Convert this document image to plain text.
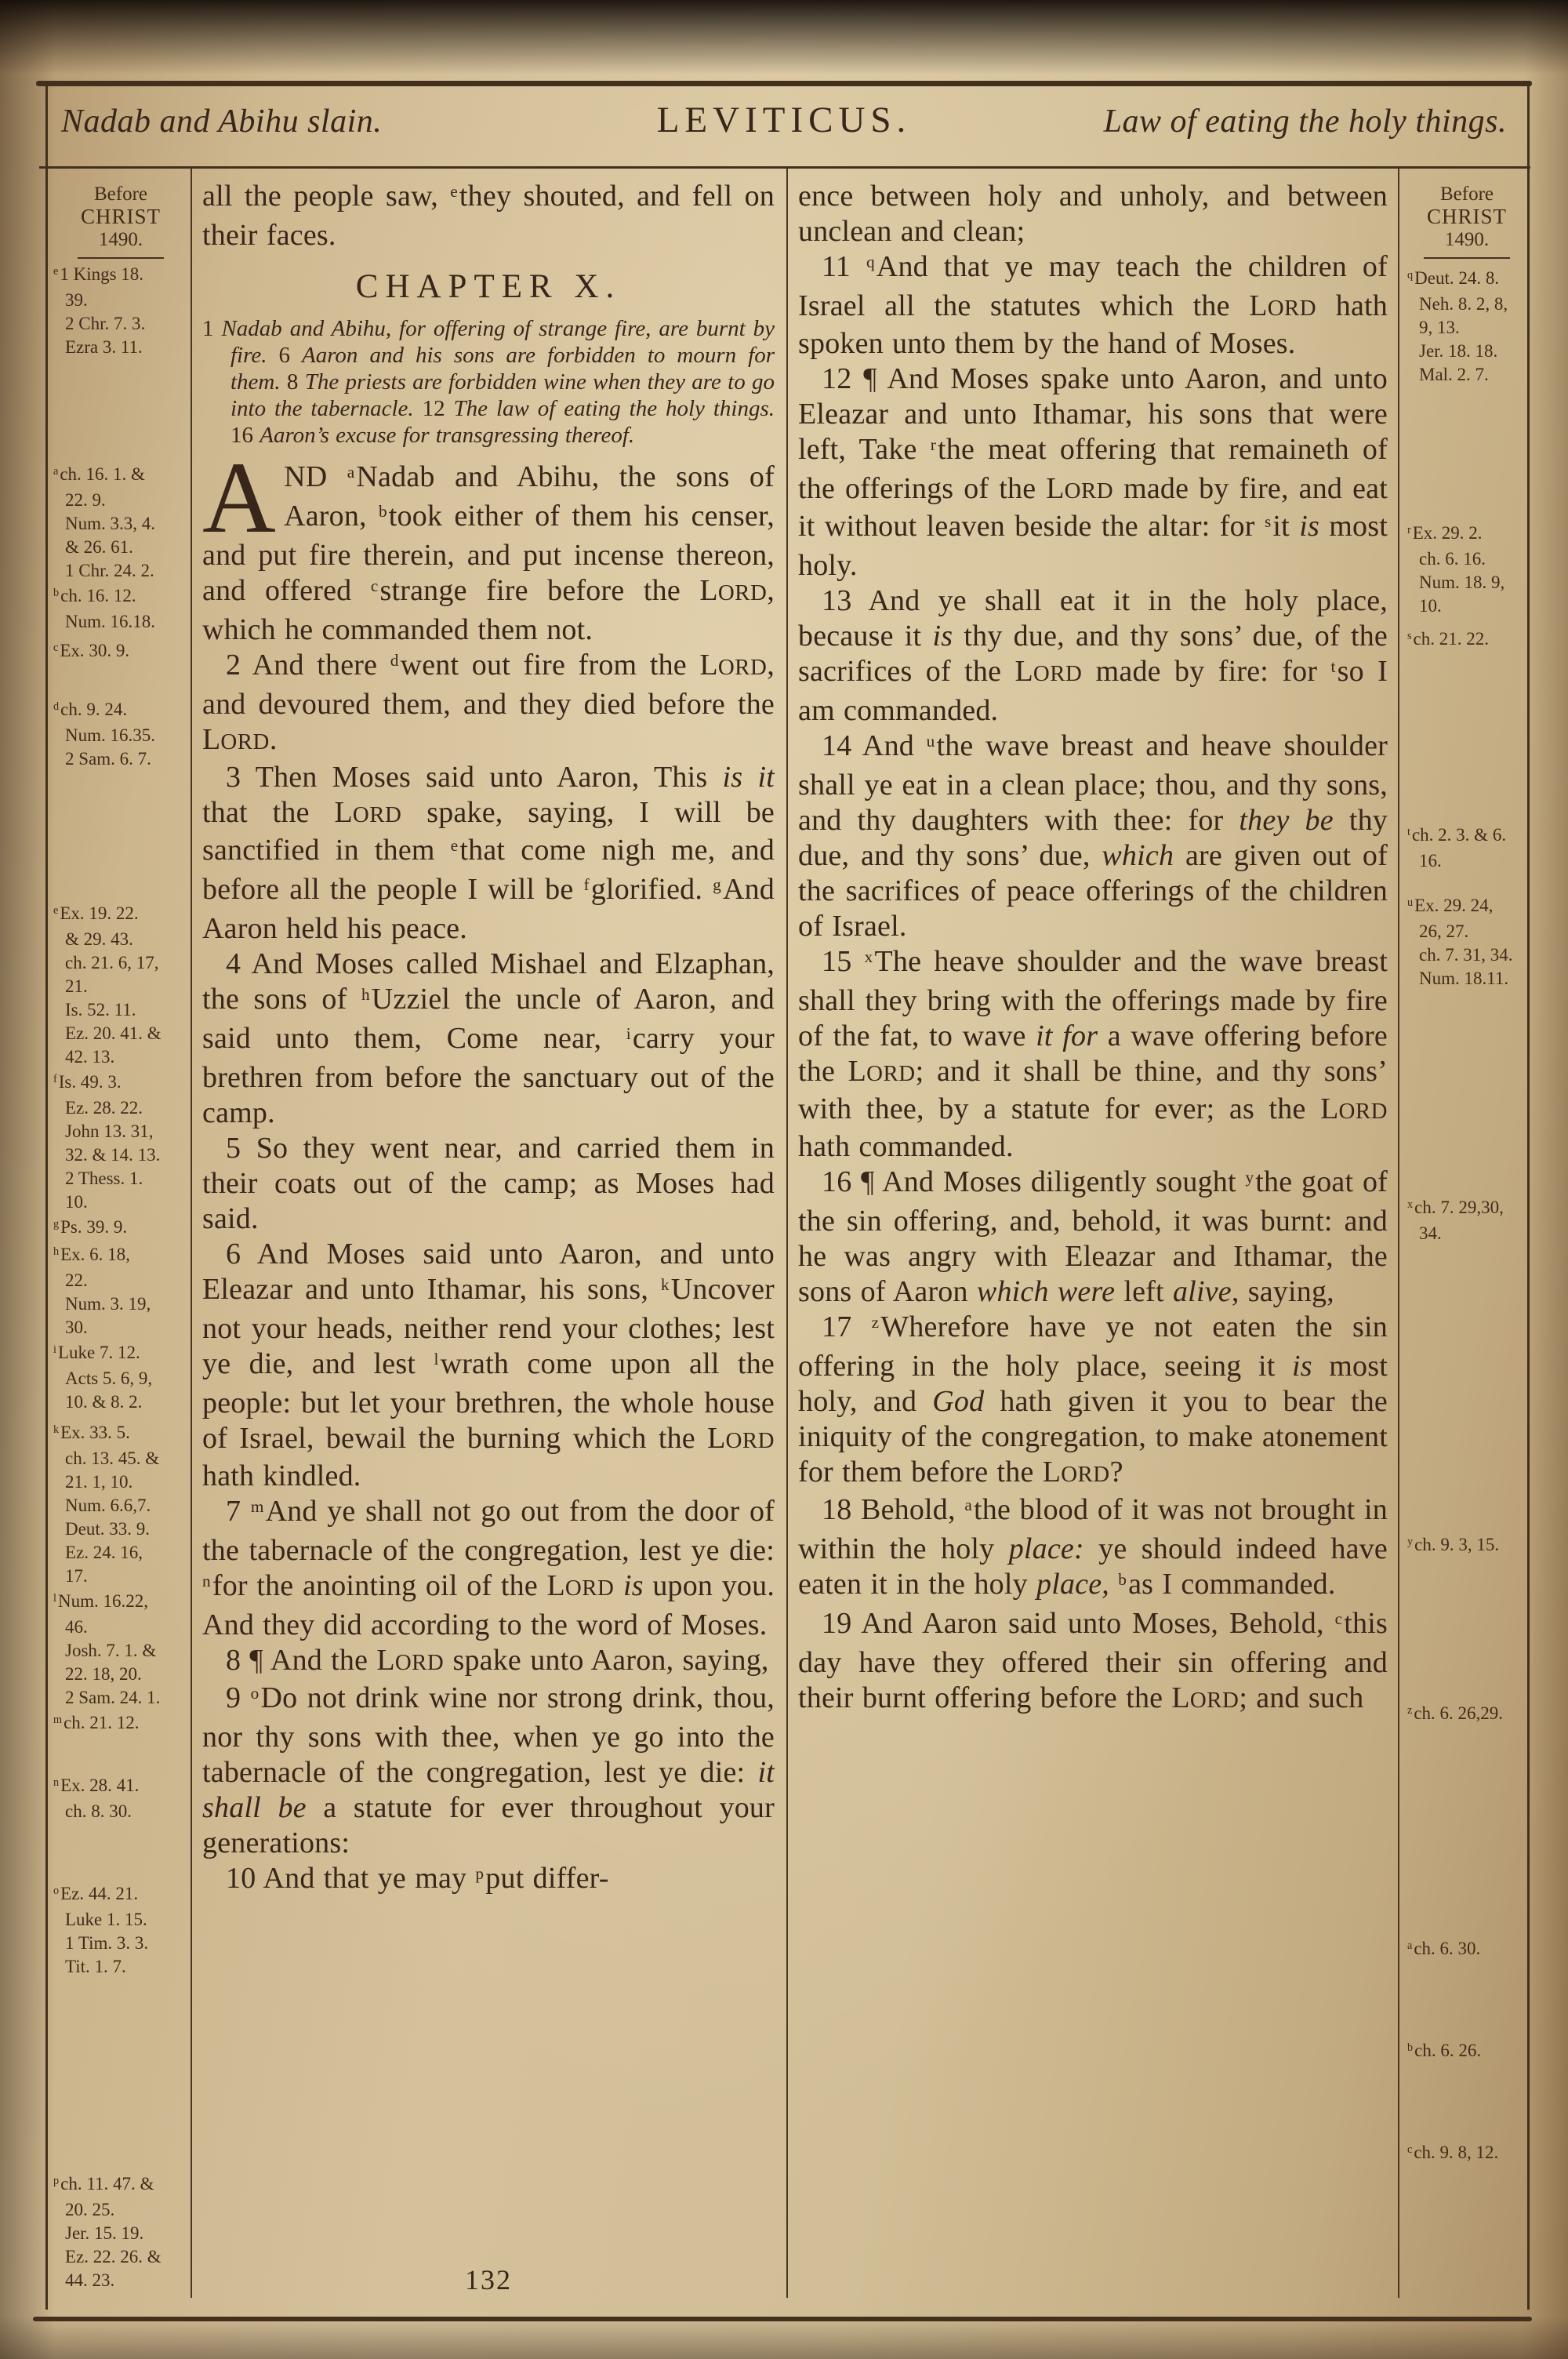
Nadab and Abihu slain.	LEVITICUS.	Law of eating the holy things.
Before
CHRIST
1490.
$^e$1 Kings 18.
39.
2 Chr. 7. 3.
Ezra 3. 11.
$^a$ch. 16. 1. &
22. 9.
Num. 3.3, 4.
& 26. 61.
1 Chr. 24. 2.
$^b$ch. 16. 12.
Num. 16.18.
$^c$Ex. 30. 9.
$^d$ch. 9. 24.
Num. 16.35.
2 Sam. 6. 7.
$^e$Ex. 19. 22.
& 29. 43.
ch. 21. 6, 17,
21.
Is. 52. 11.
Ez. 20. 41. &
42. 13.
$^f$Is. 49. 3.
Ez. 28. 22.
John 13. 31,
32. & 14. 13.
2 Thess. 1.
10.
$^g$Ps. 39. 9.
$^h$Ex. 6. 18,
22.
Num. 3. 19,
30.
$^i$Luke 7. 12.
Acts 5. 6, 9,
10. & 8. 2.
$^k$Ex. 33. 5.
ch. 13. 45. &
21. 1, 10.
Num. 6.6,7.
Deut. 33. 9.
Ez. 24. 16,
17.
$^l$Num. 16.22,
46.
Josh. 7. 1. &
22. 18, 20.
2 Sam. 24. 1.
$^m$ch. 21. 12.
$^n$Ex. 28. 41.
ch. 8. 30.
$^o$Ez. 44. 21.
Luke 1. 15.
1 Tim. 3. 3.
Tit. 1. 7.
$^p$ch. 11. 47. &
20. 25.
Jer. 15. 19.
Ez. 22. 26. &
44. 23.

all the people saw, $^e$they shouted, and fell on their faces.

CHAPTER X.

1 Nadab and Abihu, for offering of strange fire, are burnt by fire. 6 Aaron and his sons are forbidden to mourn for them. 8 The priests are forbidden wine when they are to go into the tabernacle. 12 The law of eating the holy things. 16 Aaron’s excuse for transgressing thereof.

AND $^a$Nadab and Abihu, the sons of Aaron, $^b$took either of them his censer, and put fire therein, and put incense thereon, and offered $^c$strange fire before the LORD, which he commanded them not.

2 And there $^d$went out fire from the LORD, and devoured them, and they died before the LORD.

3 Then Moses said unto Aaron, This is it that the LORD spake, saying, I will be sanctified in them $^e$that come nigh me, and before all the people I will be $^f$glorified. $^g$And Aaron held his peace.

4 And Moses called Mishael and Elzaphan, the sons of $^h$Uzziel the uncle of Aaron, and said unto them, Come near, $^i$carry your brethren from before the sanctuary out of the camp.

5 So they went near, and carried them in their coats out of the camp; as Moses had said.

6 And Moses said unto Aaron, and unto Eleazar and unto Ithamar, his sons, $^k$Uncover not your heads, neither rend your clothes; lest ye die, and lest $^l$wrath come upon all the people: but let your brethren, the whole house of Israel, bewail the burning which the LORD hath kindled.

7 $^m$And ye shall not go out from the door of the tabernacle of the congregation, lest ye die: $^n$for the anointing oil of the LORD is upon you. And they did according to the word of Moses.

8 ¶ And the LORD spake unto Aaron, saying,

9 $^o$Do not drink wine nor strong drink, thou, nor thy sons with thee, when ye go into the tabernacle of the congregation, lest ye die: it shall be a statute for ever throughout your generations:

10 And that ye may $^p$put differ-

ence between holy and unholy, and between unclean and clean;

11 $^q$And that ye may teach the children of Israel all the statutes which the LORD hath spoken unto them by the hand of Moses.

12 ¶ And Moses spake unto Aaron, and unto Eleazar and unto Ithamar, his sons that were left, Take $^r$the meat offering that remaineth of the offerings of the LORD made by fire, and eat it without leaven beside the altar: for $^s$it is most holy.

13 And ye shall eat it in the holy place, because it is thy due, and thy sons’ due, of the sacrifices of the LORD made by fire: for $^t$so I am commanded.

14 And $^u$the wave breast and heave shoulder shall ye eat in a clean place; thou, and thy sons, and thy daughters with thee: for they be thy due, and thy sons’ due, which are given out of the sacrifices of peace offerings of the children of Israel.

15 $^x$The heave shoulder and the wave breast shall they bring with the offerings made by fire of the fat, to wave it for a wave offering before the LORD; and it shall be thine, and thy sons’ with thee, by a statute for ever; as the LORD hath commanded.

16 ¶ And Moses diligently sought $^y$the goat of the sin offering, and, behold, it was burnt: and he was angry with Eleazar and Ithamar, the sons of Aaron which were left alive, saying,

17 $^z$Wherefore have ye not eaten the sin offering in the holy place, seeing it is most holy, and God hath given it you to bear the iniquity of the congregation, to make atonement for them before the LORD?

18 Behold, $^a$the blood of it was not brought in within the holy place: ye should indeed have eaten it in the holy place, $^b$as I commanded.

19 And Aaron said unto Moses, Behold, $^c$this day have they offered their sin offering and their burnt offering before the LORD; and such

Before
CHRIST
1490.
$^q$Deut. 24. 8.
Neh. 8. 2, 8,
9, 13.
Jer. 18. 18.
Mal. 2. 7.
$^r$Ex. 29. 2.
ch. 6. 16.
Num. 18. 9,
10.
$^s$ch. 21. 22.
$^t$ch. 2. 3. & 6.
16.
$^u$Ex. 29. 24,
26, 27.
ch. 7. 31, 34.
Num. 18.11.
$^x$ch. 7. 29,30,
34.
$^y$ch. 9. 3, 15.
$^z$ch. 6. 26,29.
$^a$ch. 6. 30.
$^b$ch. 6. 26.
$^c$ch. 9. 8, 12.
132
